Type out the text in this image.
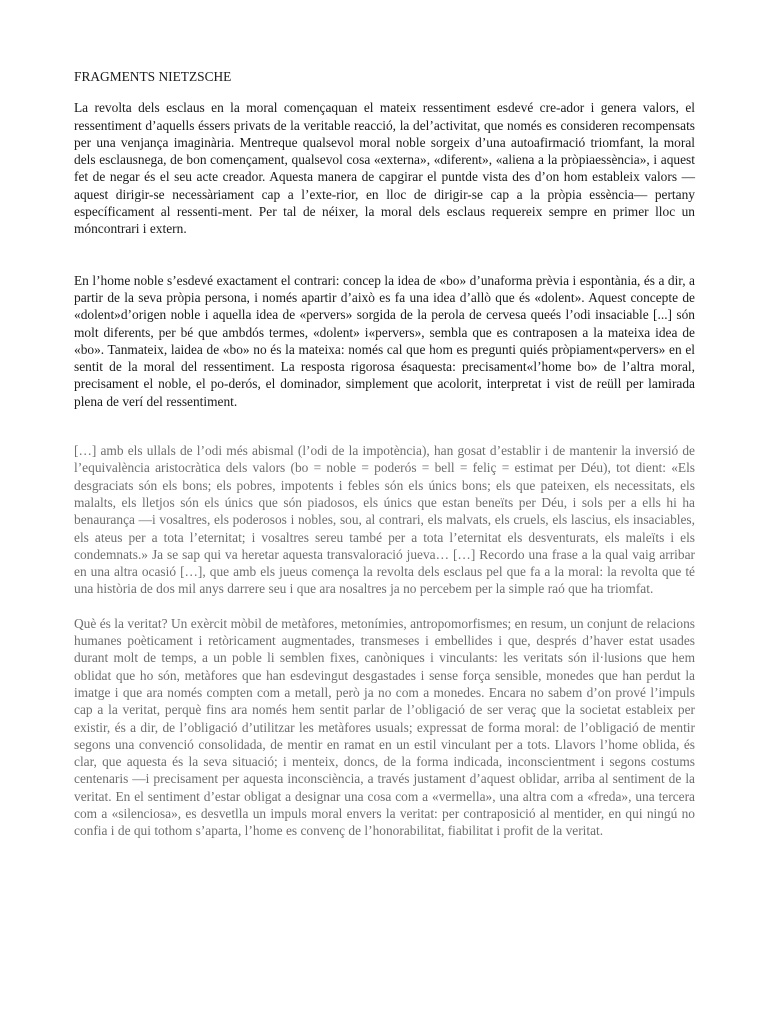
FRAGMENTS NIETZSCHE

La revolta dels esclaus en la moral començaquan el mateix ressentiment esdevé cre-ador i genera valors, el ressentiment d’aquells éssers privats de la veritable reacció, la del’activitat, que només es consideren recompensats per una venjança imaginària. Mentreque qualsevol moral noble sorgeix d’una autoafirmació triomfant, la moral dels esclausnega, de bon començament, qualsevol cosa «externa», «diferent», «aliena a la pròpiaessència», i aquest fet de negar és el seu acte creador. Aquesta manera de capgirar el puntde vista des d’on hom estableix valors —aquest dirigir-se necessàriament cap a l’exte-rior, en lloc de dirigir-se cap a la pròpia essència— pertany específicament al ressenti-ment. Per tal de néixer, la moral dels esclaus requereix sempre en primer lloc un móncontrari i extern.

En l’home noble s’esdevé exactament el contrari: concep la idea de «bo» d’unaforma prèvia i espontània, és a dir, a partir de la seva pròpia persona, i només apartir d’això es fa una idea d’allò que és «dolent». Aquest concepte de «dolent»d’origen noble i aquella idea de «pervers» sorgida de la perola de cervesa queés l’odi insaciable [...] són molt diferents, per bé que ambdós termes, «dolent» i«pervers», sembla que es contraposen a la mateixa idea de «bo». Tanmateix, laidea de «bo» no és la mateixa: només cal que hom es pregunti quiés pròpiament«pervers» en el sentit de la moral del ressentiment. La resposta rigorosa ésaquesta: precisament«l’home bo» de l’altra moral, precisament el noble, el po-derós, el dominador, simplement que acolorit, interpretat i vist de reüll per lamirada plena de verí del ressentiment.

[…] amb els ullals de l’odi més abismal (l’odi de la impotència), han gosat d’establir i de mantenir la inversió de l’equivalència aristocràtica dels valors (bo = noble = poderós = bell = feliç = estimat per Déu), tot dient: «Els desgraciats són els bons; els pobres, impotents i febles són els únics bons; els que pateixen, els necessitats, els malalts, els lletjos són els únics que són piadosos, els únics que estan beneïts per Déu, i sols per a ells hi ha benaurança —i vosaltres, els poderosos i nobles, sou, al contrari, els malvats, els cruels, els lascius, els insaciables, els ateus per a tota l’eternitat; i vosaltres sereu també per a tota l’eternitat els desventurats, els maleïts i els condemnats.» Ja se sap qui va heretar aquesta transvaloració jueva… […] Recordo una frase a la qual vaig arribar en una altra ocasió […], que amb els jueus comença la revolta dels esclaus pel que fa a la moral: la revolta que té una història de dos mil anys darrere seu i que ara nosaltres ja no percebem per la simple raó que ha triomfat.

Què és la veritat? Un exèrcit mòbil de metàfores, metonímies, antropomorfismes; en resum, un conjunt de relacions humanes poèticament i retòricament augmentades, transmeses i embellides i que, després d’haver estat usades durant molt de temps, a un poble li semblen fixes, canòniques i vinculants: les veritats són il·lusions que hem oblidat que ho són, metàfores que han esdevingut desgastades i sense força sensible, monedes que han perdut la imatge i que ara només compten com a metall, però ja no com a monedes. Encara no sabem d’on prové l’impuls cap a la veritat, perquè fins ara només hem sentit parlar de l’obligació de ser veraç que la societat estableix per existir, és a dir, de l’obligació d’utilitzar les metàfores usuals; expressat de forma moral: de l’obligació de mentir segons una convenció consolidada, de mentir en ramat en un estil vinculant per a tots. Llavors l’home oblida, és clar, que aquesta és la seva situació; i menteix, doncs, de la forma indicada, inconscientment i segons costums centenaris —i precisament per aquesta inconsciència, a través justament d’aquest oblidar, arriba al sentiment de la veritat. En el sentiment d’estar obligat a designar una cosa com a «vermella», una altra com a «freda», una tercera com a «silenciosa», es desvetlla un impuls moral envers la veritat: per contraposició al mentider, en qui ningú no confia i de qui tothom s’aparta, l’home es convenç de l’honorabilitat, fiabilitat i profit de la veritat.
